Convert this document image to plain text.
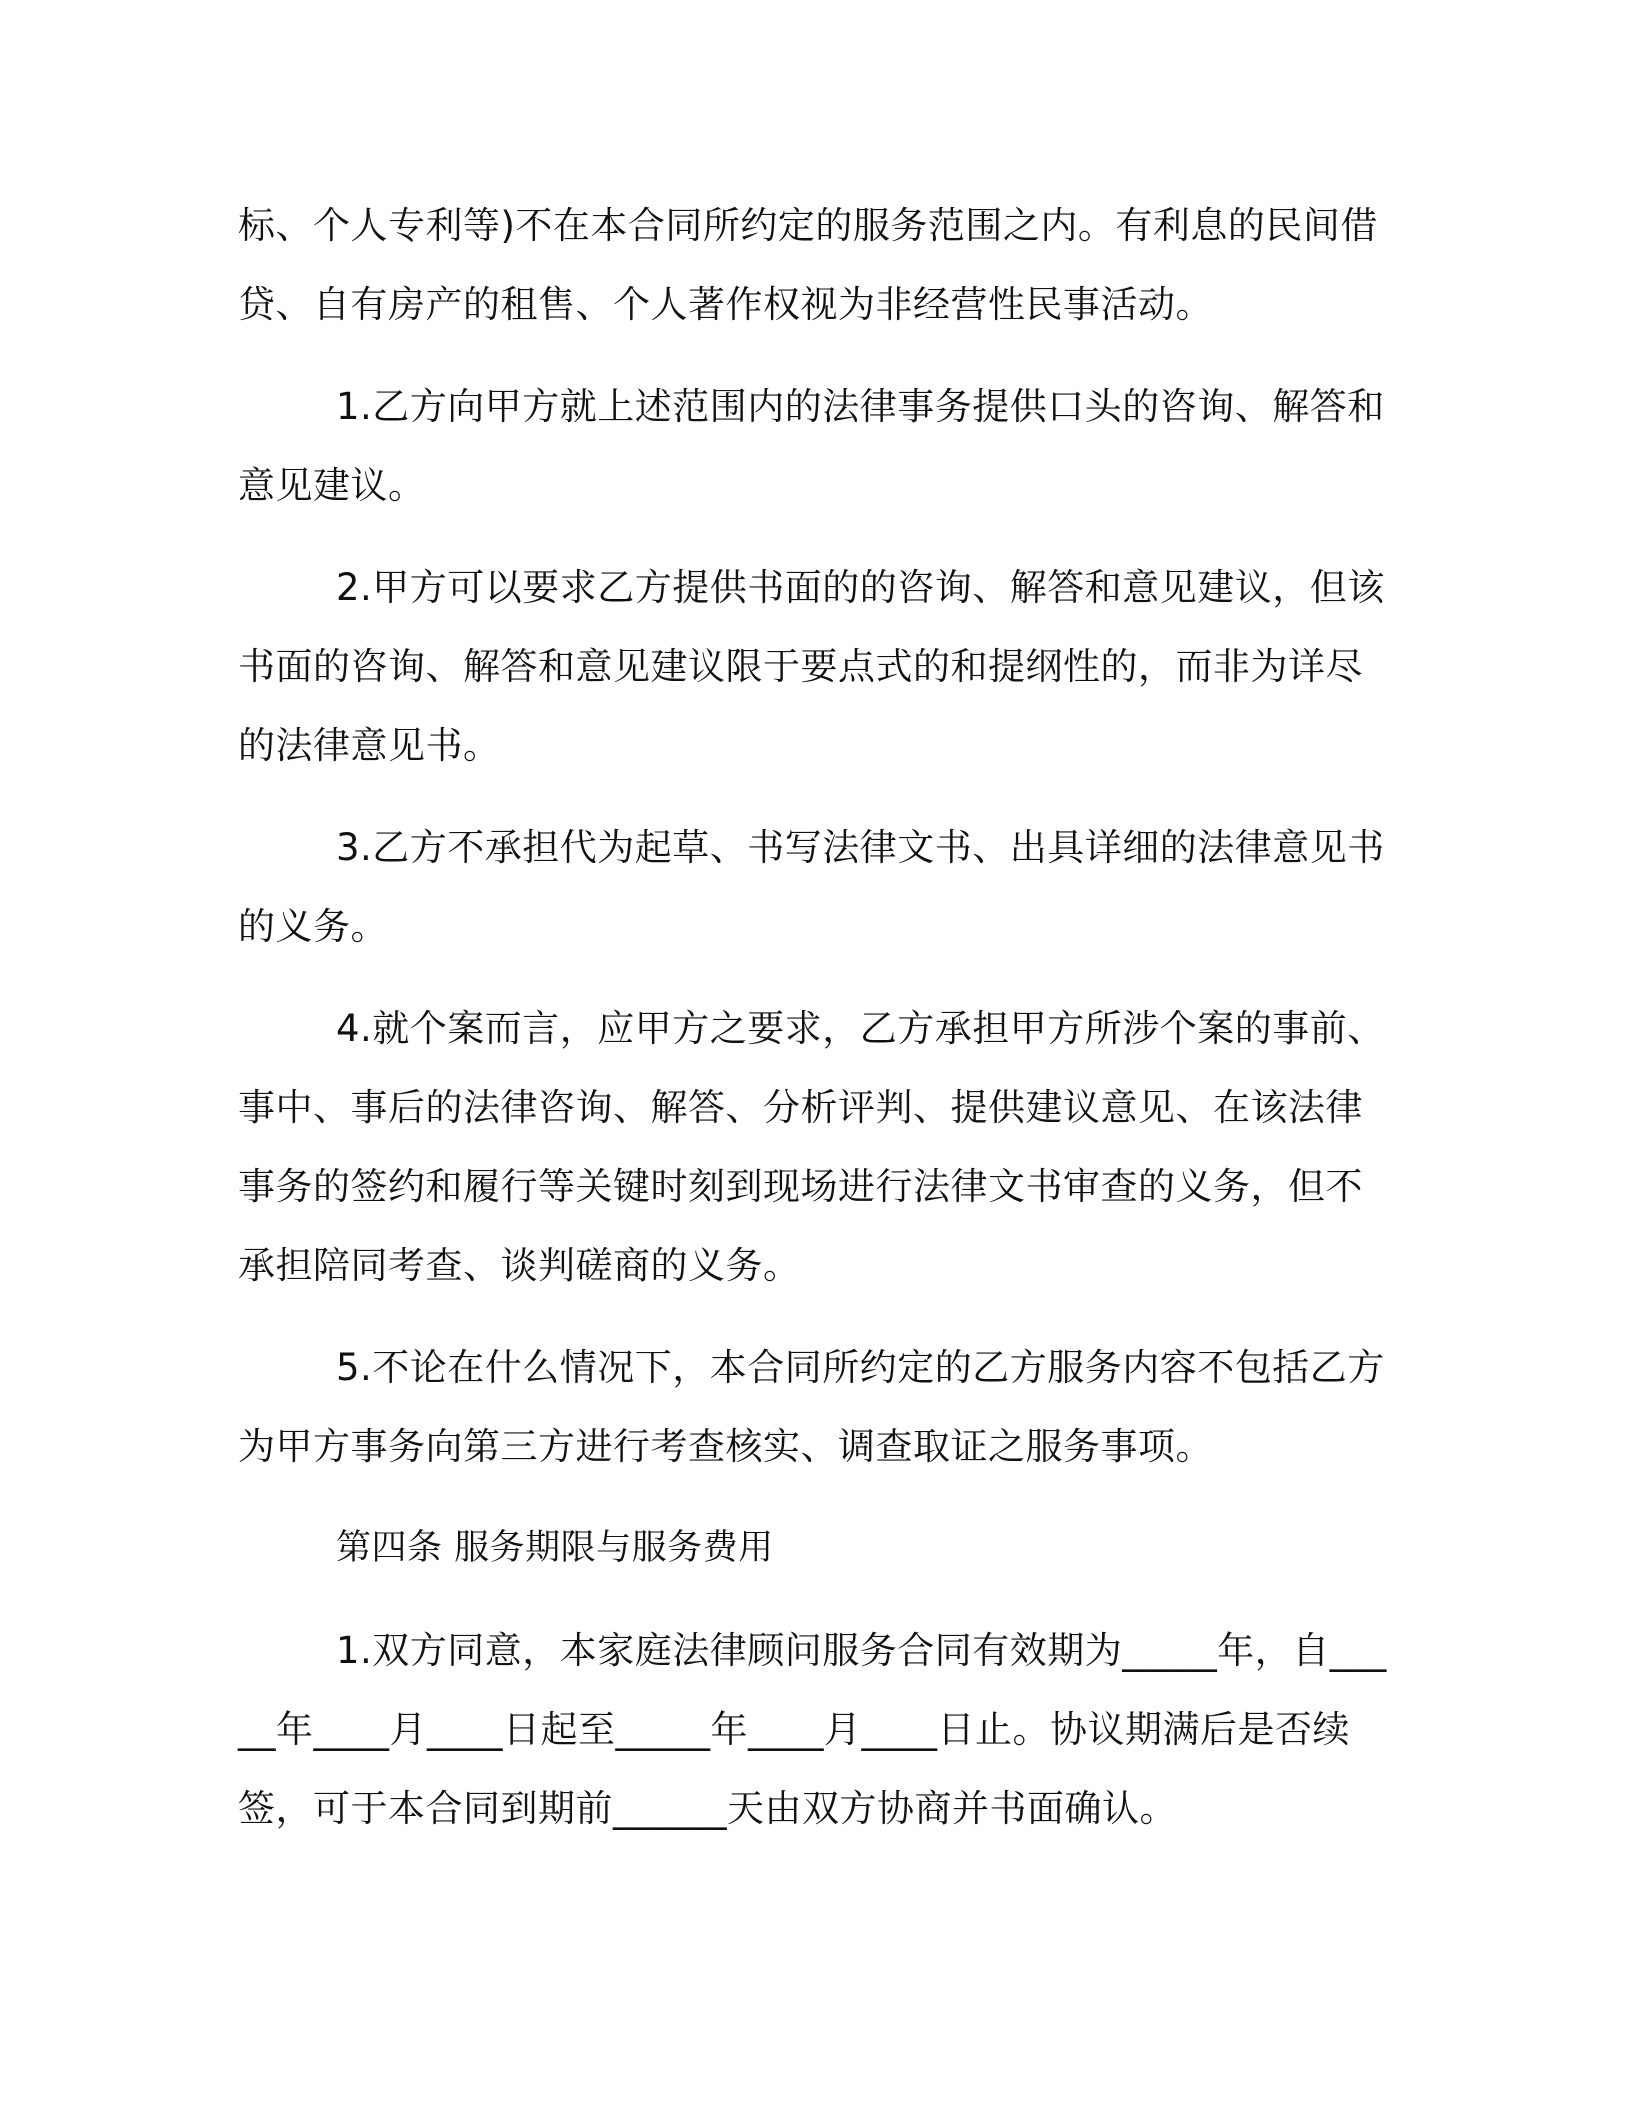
标、个人专利等)不在本合同所约定的服务范围之内。有利息的民间借贷、自有房产的租售、个人著作权视为非经营性民事活动。

1.乙方向甲方就上述范围内的法律事务提供口头的咨询、解答和意见建议。

2.甲方可以要求乙方提供书面的的咨询、解答和意见建议，但该书面的咨询、解答和意见建议限于要点式的和提纲性的，而非为详尽的法律意见书。

3.乙方不承担代为起草、书写法律文书、出具详细的法律意见书的义务。

4.就个案而言，应甲方之要求，乙方承担甲方所涉个案的事前、事中、事后的法律咨询、解答、分析评判、提供建议意见、在该法律事务的签约和履行等关键时刻到现场进行法律文书审查的义务，但不承担陪同考查、谈判磋商的义务。

5.不论在什么情况下，本合同所约定的乙方服务内容不包括乙方为甲方事务向第三方进行考查核实、调查取证之服务事项。

第四条 服务期限与服务费用

1.双方同意，本家庭法律顾问服务合同有效期为_____年，自_____年____月____日起至_____年____月____日止。协议期满后是否续签，可于本合同到期前______天由双方协商并书面确认。
